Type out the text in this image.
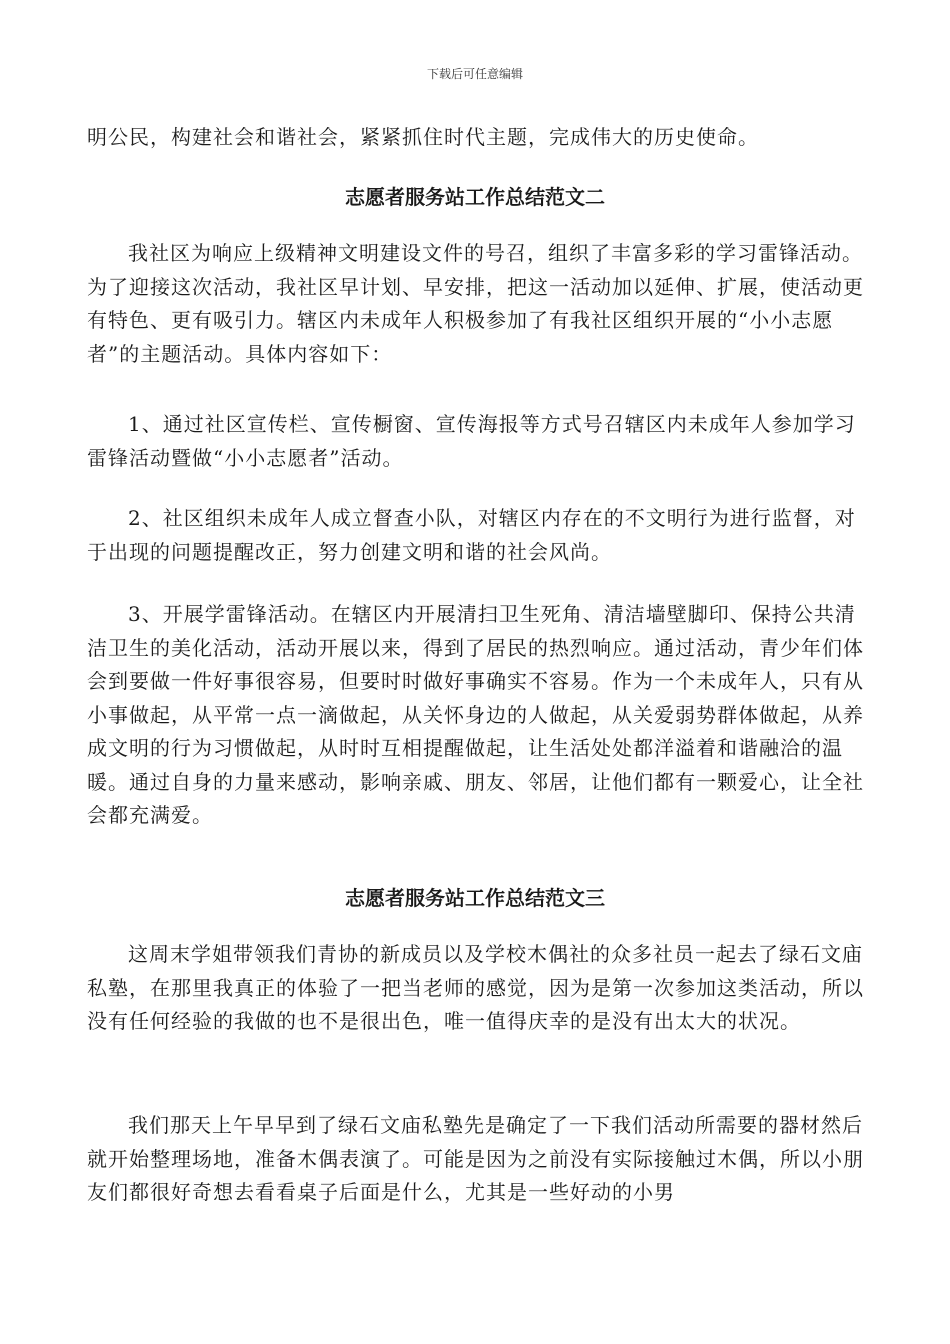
下载后可任意编辑

明公民，构建社会和谐社会，紧紧抓住时代主题，完成伟大的历史使命。

志愿者服务站工作总结范文二

我社区为响应上级精神文明建设文件的号召，组织了丰富多彩的学习雷锋活动。为了迎接这次活动，我社区早计划、早安排，把这一活动加以延伸、扩展，使活动更有特色、更有吸引力。辖区内未成年人积极参加了有我社区组织开展的“小小志愿者”的主题活动。具体内容如下：

1、通过社区宣传栏、宣传橱窗、宣传海报等方式号召辖区内未成年人参加学习雷锋活动暨做“小小志愿者”活动。

2、社区组织未成年人成立督查小队，对辖区内存在的不文明行为进行监督，对于出现的问题提醒改正，努力创建文明和谐的社会风尚。

3、开展学雷锋活动。在辖区内开展清扫卫生死角、清洁墙壁脚印、保持公共清洁卫生的美化活动，活动开展以来，得到了居民的热烈响应。通过活动，青少年们体会到要做一件好事很容易，但要时时做好事确实不容易。作为一个未成年人，只有从小事做起，从平常一点一滴做起，从关怀身边的人做起，从关爱弱势群体做起，从养成文明的行为习惯做起，从时时互相提醒做起，让生活处处都洋溢着和谐融洽的温暖。通过自身的力量来感动，影响亲戚、朋友、邻居，让他们都有一颗爱心，让全社会都充满爱。

志愿者服务站工作总结范文三

这周末学姐带领我们青协的新成员以及学校木偶社的众多社员一起去了绿石文庙私塾，在那里我真正的体验了一把当老师的感觉，因为是第一次参加这类活动，所以没有任何经验的我做的也不是很出色，唯一值得庆幸的是没有出太大的状况。

我们那天上午早早到了绿石文庙私塾先是确定了一下我们活动所需要的器材然后就开始整理场地，准备木偶表演了。可能是因为之前没有实际接触过木偶，所以小朋友们都很好奇想去看看桌子后面是什么，尤其是一些好动的小男
